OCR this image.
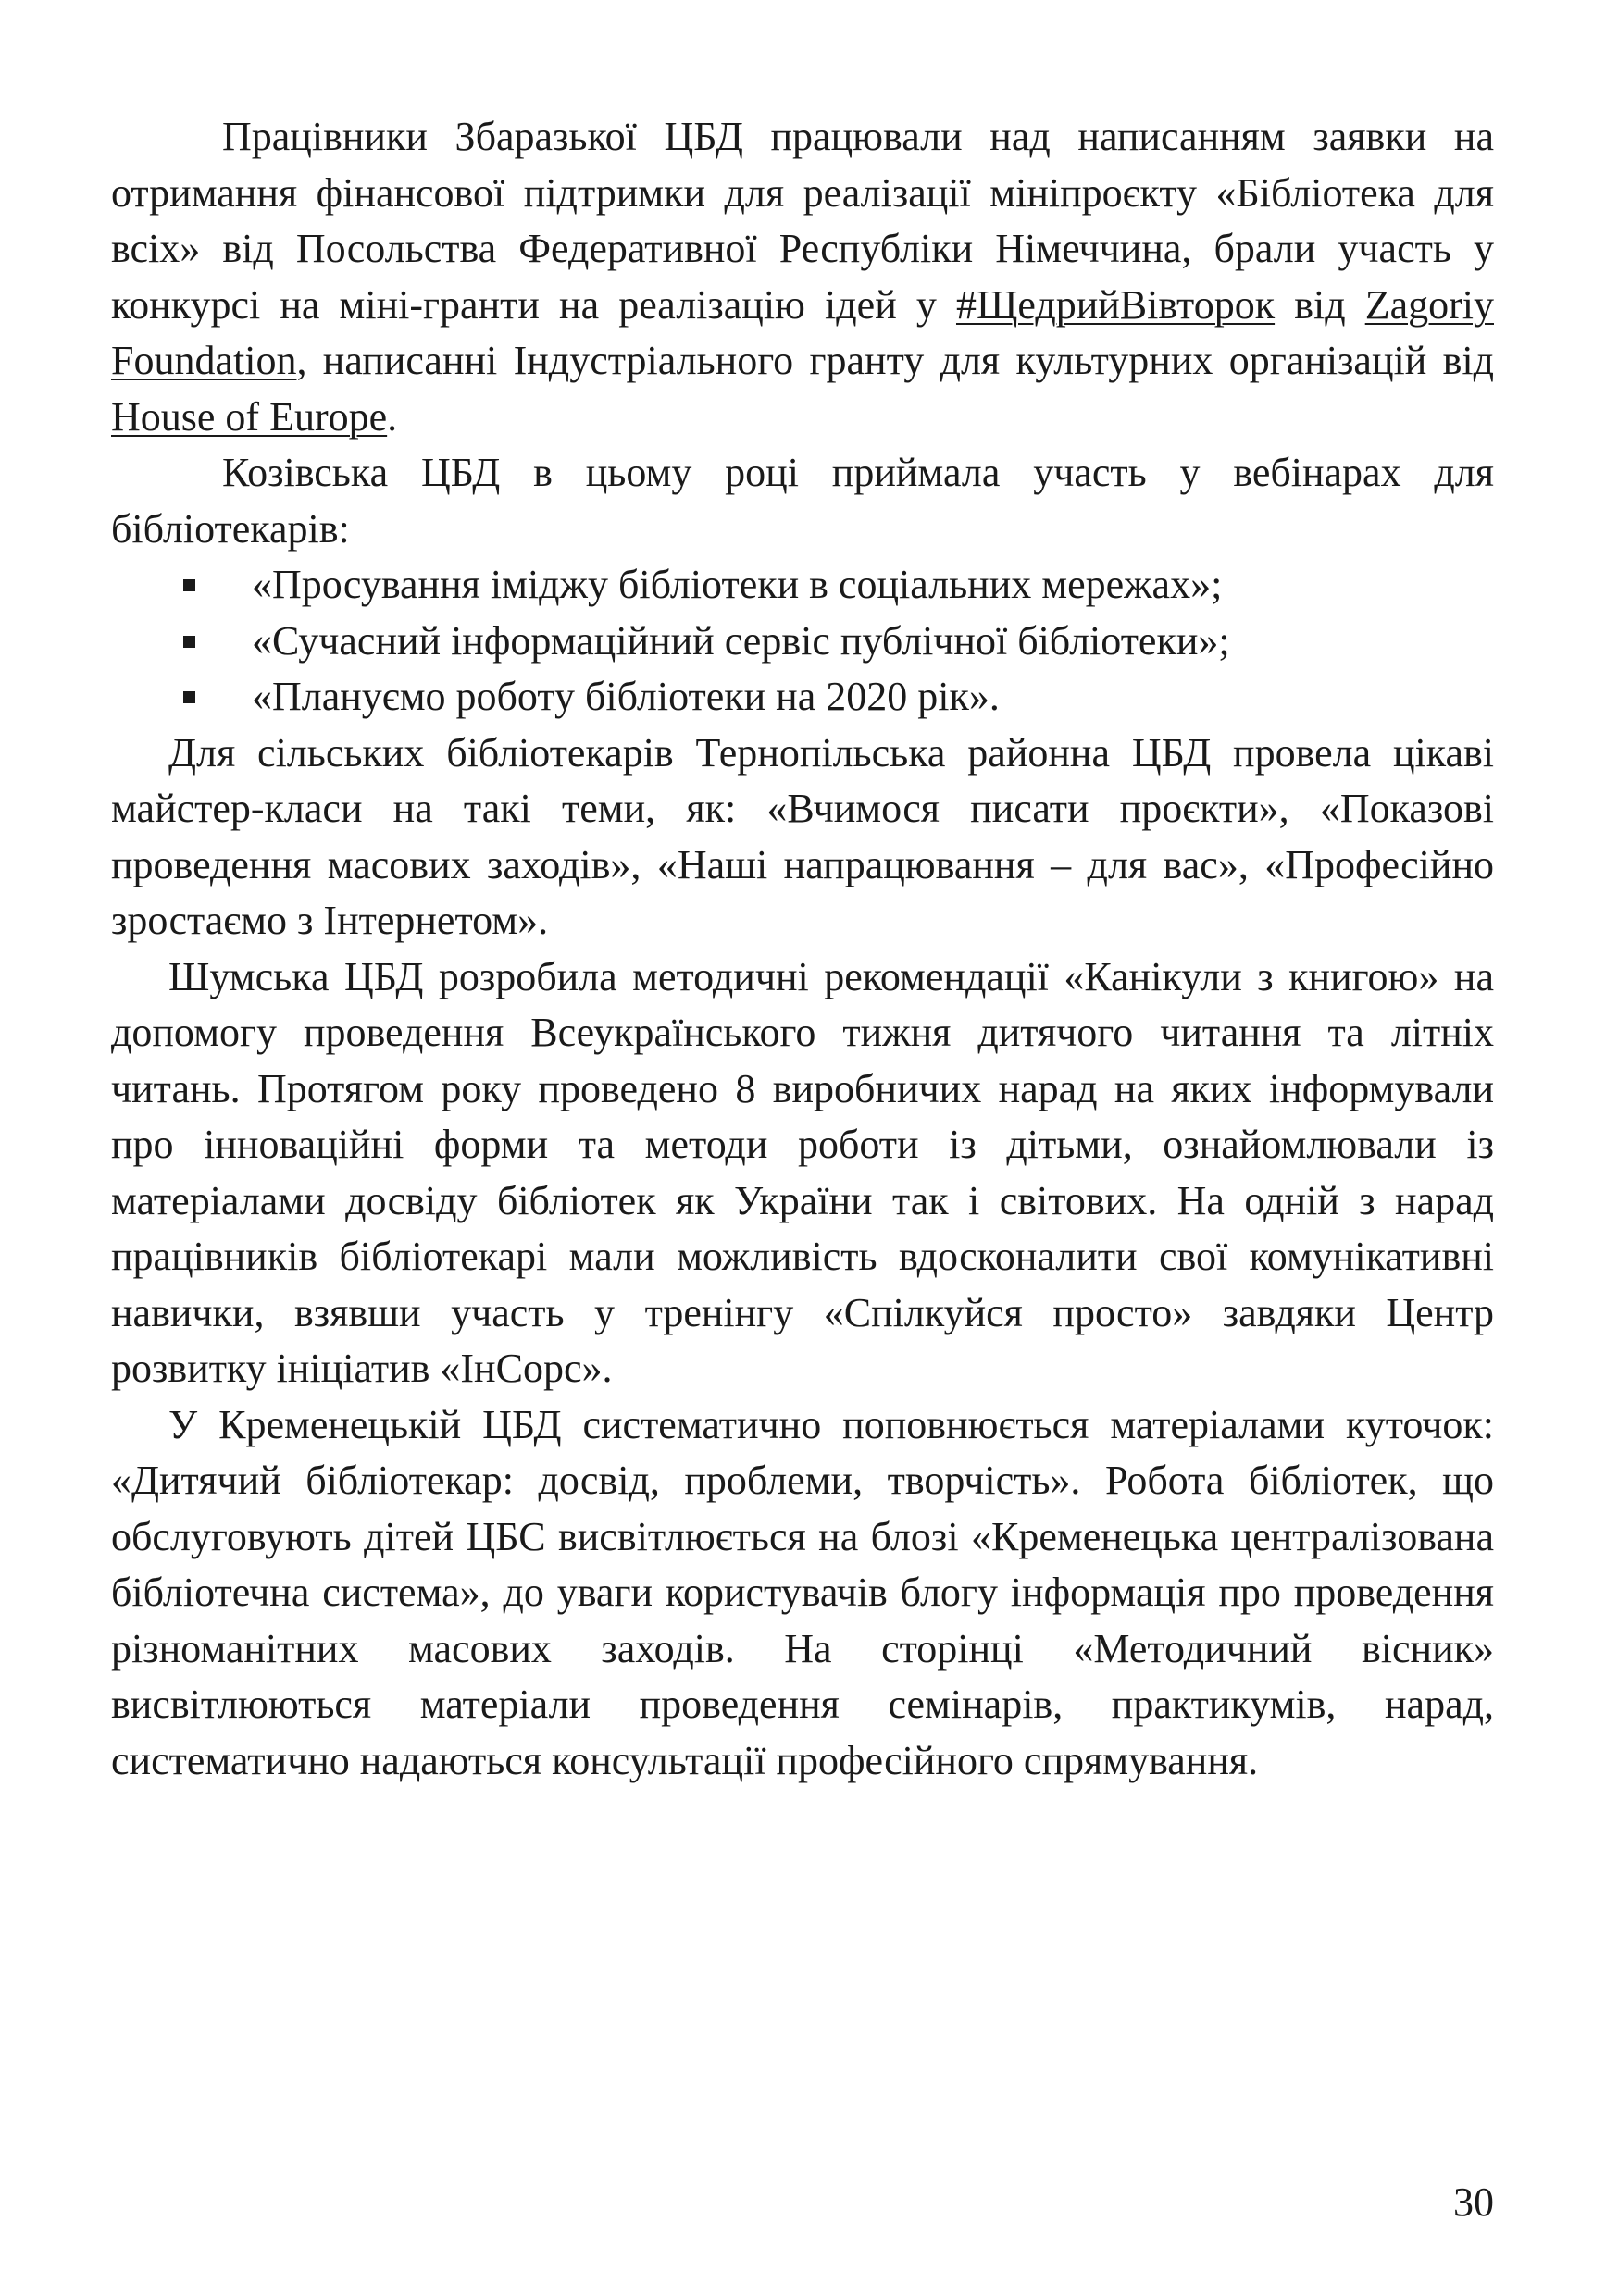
Працівники Збаразької ЦБД працювали над написанням заявки на отримання фінансової підтримки для реалізації мініпроєкту «Бібліотека для всіх» від Посольства Федеративної Республіки Німеччина, брали участь у конкурсі на міні-гранти на реалізацію ідей у #ЩедрийВівторок від Zagoriy Foundation, написанні Індустріального гранту для культурних організацій від House of Europe.

Козівська ЦБД в цьому році приймала участь у вебінарах для бібліотекарів:

«Просування іміджу бібліотеки в соціальних мережах»;
«Сучасний інформаційний сервіс публічної бібліотеки»;
«Плануємо роботу бібліотеки на 2020 рік».

Для сільських бібліотекарів Тернопільська районна ЦБД провела цікаві майстер-класи на такі теми, як: «Вчимося писати проєкти», «Показові проведення масових заходів», «Наші напрацювання – для вас», «Професійно зростаємо з Інтернетом».

Шумська ЦБД розробила методичні рекомендації «Канікули з книгою» на допомогу проведення Всеукраїнського тижня дитячого читання та літніх читань. Протягом року проведено 8 виробничих нарад на яких інформували про інноваційні форми та методи роботи із дітьми, ознайомлювали із матеріалами досвіду бібліотек як України так і світових. На одній з нарад працівників бібліотекарі мали можливість вдосконалити свої комунікативні навички, взявши участь у тренінгу «Спілкуйся просто» завдяки Центр розвитку ініціатив «ІнСорс».

У Кременецькій ЦБД систематично поповнюється матеріалами куточок: «Дитячий бібліотекар: досвід, проблеми, творчість». Робота бібліотек, що обслуговують дітей ЦБС висвітлюється на блозі «Кременецька централізована бібліотечна система», до уваги користувачів блогу інформація про проведення різноманітних масових заходів. На сторінці «Методичний вісник» висвітлюються матеріали проведення семінарів, практикумів, нарад, систематично надаються консультації професійного спрямування.

30
